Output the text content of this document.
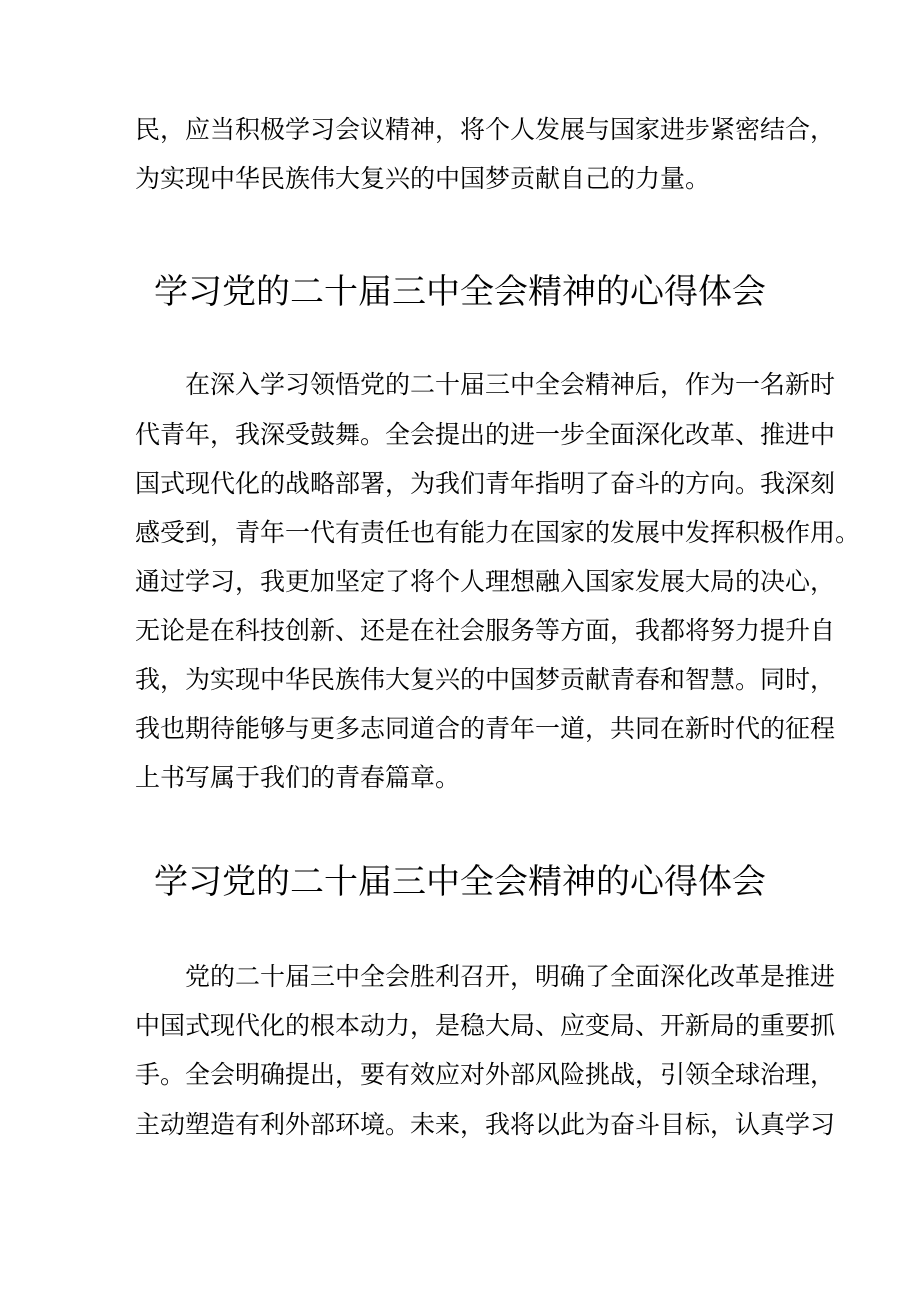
民，应当积极学习会议精神，将个人发展与国家进步紧密结合，
为实现中华民族伟大复兴的中国梦贡献自己的力量。
学习党的二十届三中全会精神的心得体会
在深入学习领悟党的二十届三中全会精神后，作为一名新时
代青年，我深受鼓舞。全会提出的进一步全面深化改革、推进中
国式现代化的战略部署，为我们青年指明了奋斗的方向。我深刻
感受到，青年一代有责任也有能力在国家的发展中发挥积极作用。
通过学习，我更加坚定了将个人理想融入国家发展大局的决心，
无论是在科技创新、还是在社会服务等方面，我都将努力提升自
我，为实现中华民族伟大复兴的中国梦贡献青春和智慧。同时，
我也期待能够与更多志同道合的青年一道，共同在新时代的征程
上书写属于我们的青春篇章。
学习党的二十届三中全会精神的心得体会
党的二十届三中全会胜利召开，明确了全面深化改革是推进
中国式现代化的根本动力，是稳大局、应变局、开新局的重要抓
手。全会明确提出，要有效应对外部风险挑战，引领全球治理，
主动塑造有利外部环境。未来，我将以此为奋斗目标，认真学习
